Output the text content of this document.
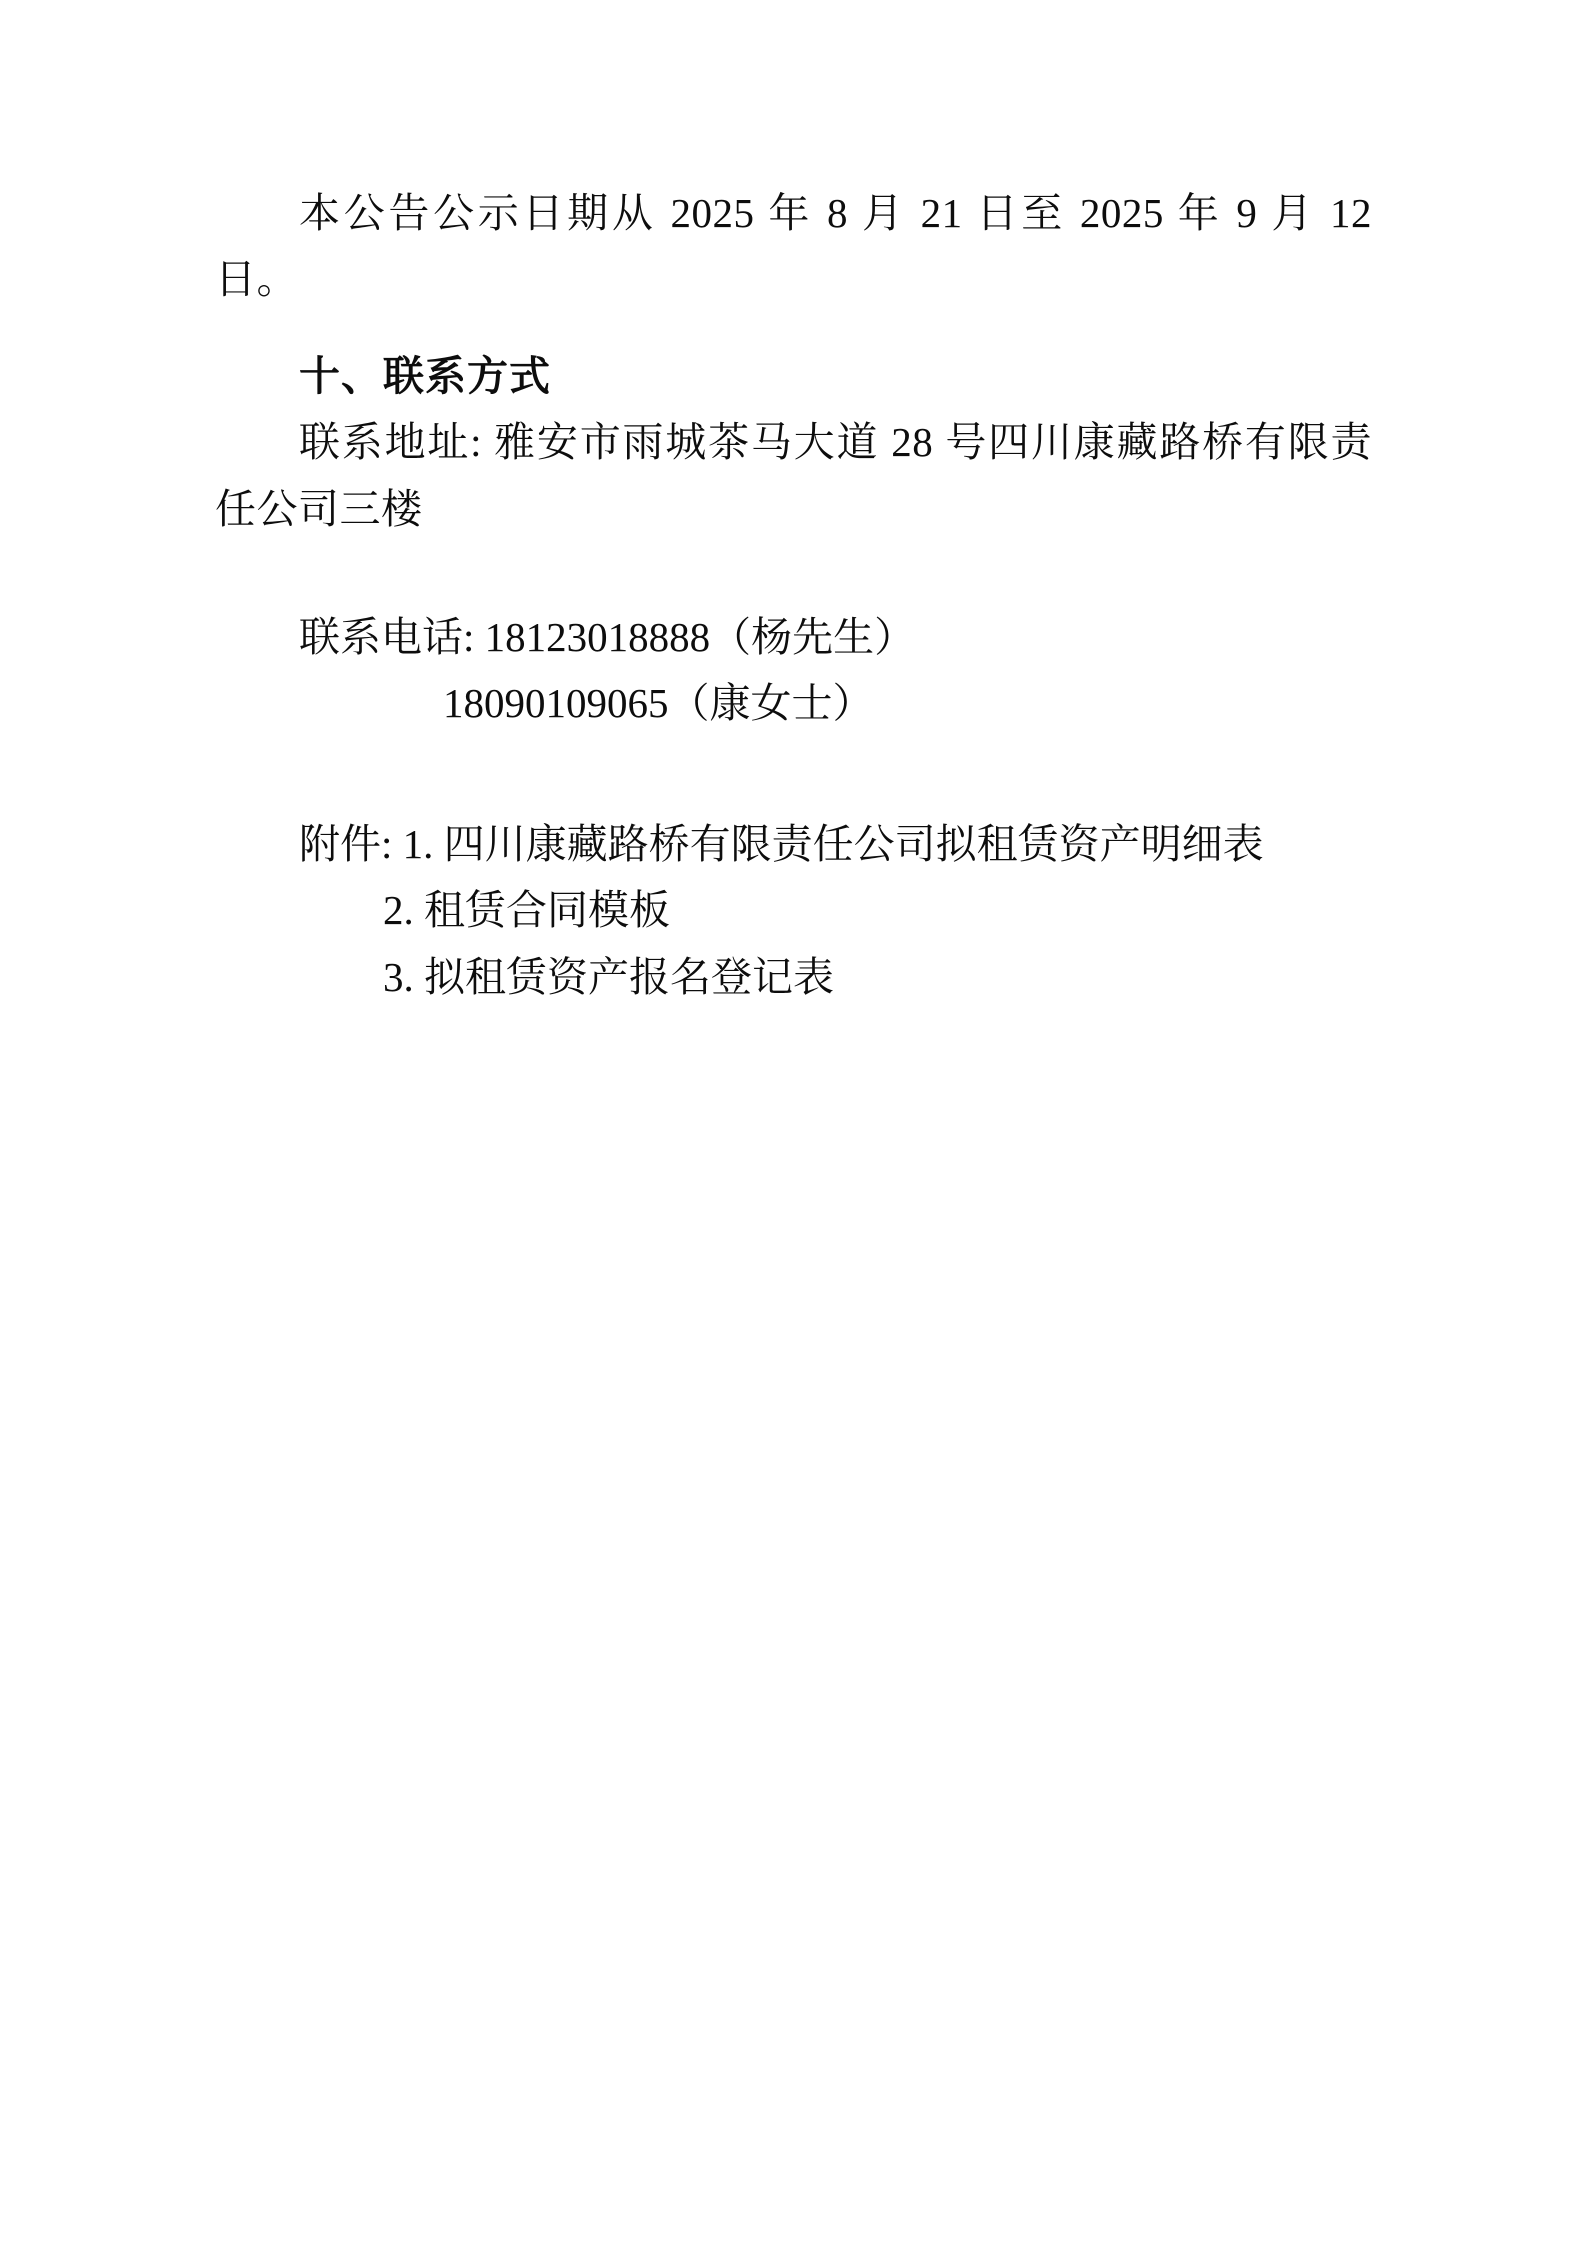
本公告公示日期从 2025 年 8 月 21 日至 2025 年 9 月 12 日。

十、联系方式

联系地址: 雅安市雨城茶马大道 28 号四川康藏路桥有限责任公司三楼

联系电话: 18123018888（杨先生）

18090109065（康女士）

附件: 1. 四川康藏路桥有限责任公司拟租赁资产明细表

2. 租赁合同模板

3. 拟租赁资产报名登记表
